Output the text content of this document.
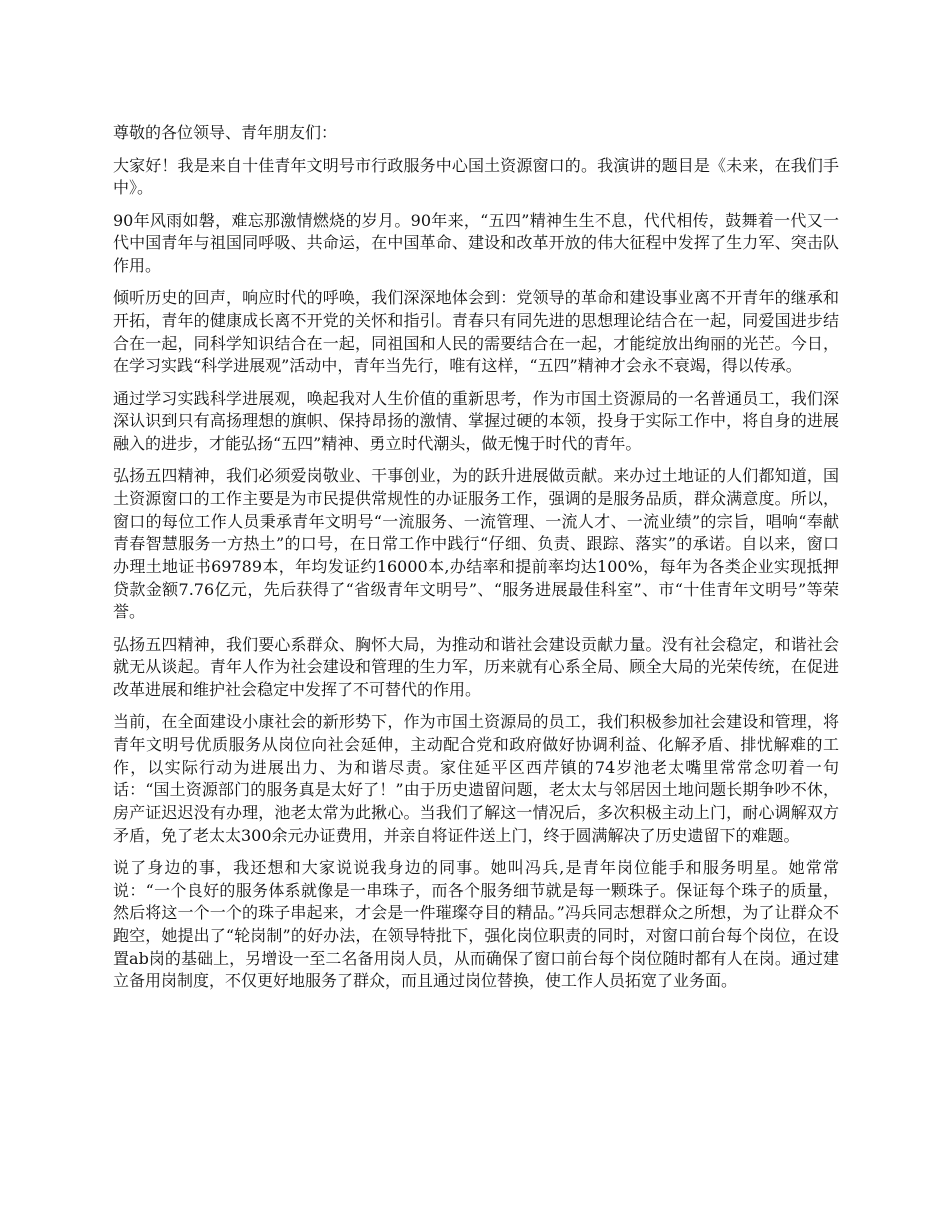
尊敬的各位领导、青年朋友们：

大家好！我是来自十佳青年文明号市行政服务中心国土资源窗口的。我演讲的题目是《未来，在我们手中》。

90年风雨如磐，难忘那激情燃烧的岁月。90年来，“五四”精神生生不息，代代相传，鼓舞着一代又一代中国青年与祖国同呼吸、共命运，在中国革命、建设和改革开放的伟大征程中发挥了生力军、突击队作用。

倾听历史的回声，响应时代的呼唤，我们深深地体会到：党领导的革命和建设事业离不开青年的继承和开拓，青年的健康成长离不开党的关怀和指引。青春只有同先进的思想理论结合在一起，同爱国进步结合在一起，同科学知识结合在一起，同祖国和人民的需要结合在一起，才能绽放出绚丽的光芒。今日，在学习实践“科学进展观”活动中，青年当先行，唯有这样，“五四”精神才会永不衰竭，得以传承。

通过学习实践科学进展观，唤起我对人生价值的重新思考，作为市国土资源局的一名普通员工，我们深深认识到只有高扬理想的旗帜、保持昂扬的激情、掌握过硬的本领，投身于实际工作中，将自身的进展融入的进步，才能弘扬“五四”精神、勇立时代潮头，做无愧于时代的青年。

弘扬五四精神，我们必须爱岗敬业、干事创业，为的跃升进展做贡献。来办过土地证的人们都知道，国土资源窗口的工作主要是为市民提供常规性的办证服务工作，强调的是服务品质，群众满意度。所以，窗口的每位工作人员秉承青年文明号“一流服务、一流管理、一流人才、一流业绩”的宗旨，唱响“奉献青春智慧服务一方热土”的口号，在日常工作中践行“仔细、负责、跟踪、落实”的承诺。自以来，窗口办理土地证书69789本，年均发证约16000本,办结率和提前率均达100%，每年为各类企业实现抵押贷款金额7.76亿元，先后获得了“省级青年文明号”、“服务进展最佳科室”、市“十佳青年文明号”等荣誉。

弘扬五四精神，我们要心系群众、胸怀大局，为推动和谐社会建设贡献力量。没有社会稳定，和谐社会就无从谈起。青年人作为社会建设和管理的生力军，历来就有心系全局、顾全大局的光荣传统，在促进改革进展和维护社会稳定中发挥了不可替代的作用。

当前，在全面建设小康社会的新形势下，作为市国土资源局的员工，我们积极参加社会建设和管理，将青年文明号优质服务从岗位向社会延伸，主动配合党和政府做好协调利益、化解矛盾、排忧解难的工作，以实际行动为进展出力、为和谐尽责。家住延平区西芹镇的74岁池老太嘴里常常念叨着一句话：“国土资源部门的服务真是太好了！”由于历史遗留问题，老太太与邻居因土地问题长期争吵不休，房产证迟迟没有办理，池老太常为此揪心。当我们了解这一情况后，多次积极主动上门，耐心调解双方矛盾，免了老太太300余元办证费用，并亲自将证件送上门，终于圆满解决了历史遗留下的难题。

说了身边的事，我还想和大家说说我身边的同事。她叫冯兵,是青年岗位能手和服务明星。她常常说：“一个良好的服务体系就像是一串珠子，而各个服务细节就是每一颗珠子。保证每个珠子的质量，然后将这一个一个的珠子串起来，才会是一件璀璨夺目的精品。”冯兵同志想群众之所想，为了让群众不跑空，她提出了“轮岗制”的好办法，在领导特批下，强化岗位职责的同时，对窗口前台每个岗位，在设置ab岗的基础上，另增设一至二名备用岗人员，从而确保了窗口前台每个岗位随时都有人在岗。通过建立备用岗制度，不仅更好地服务了群众，而且通过岗位替换，使工作人员拓宽了业务面。
